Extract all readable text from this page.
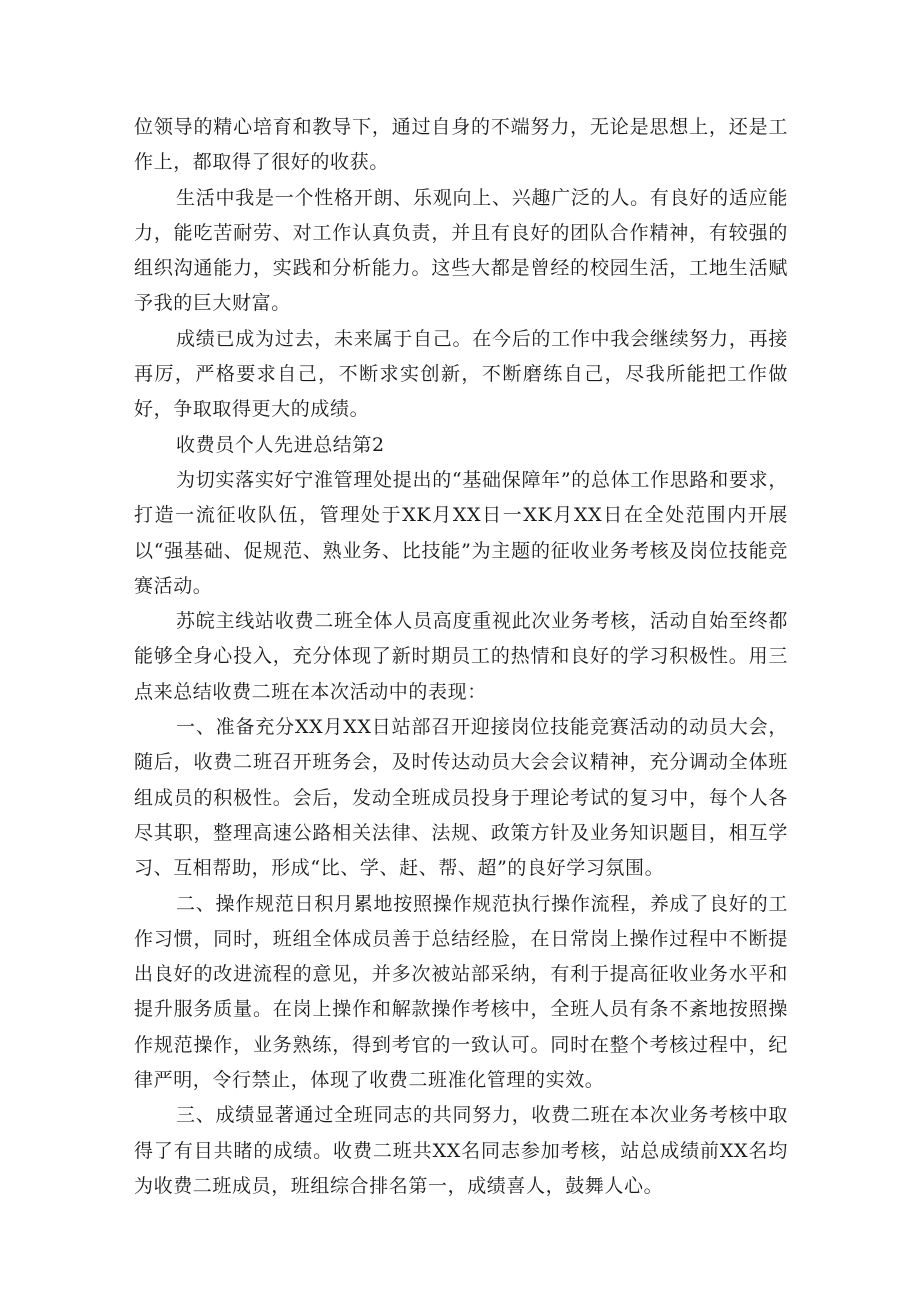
位领导的精心培育和教导下，通过自身的不端努力，无论是思想上，还是工作上，都取得了很好的收获。

生活中我是一个性格开朗、乐观向上、兴趣广泛的人。有良好的适应能力，能吃苦耐劳、对工作认真负责，并且有良好的团队合作精神，有较强的组织沟通能力，实践和分析能力。这些大都是曾经的校园生活，工地生活赋予我的巨大财富。

成绩已成为过去，未来属于自己。在今后的工作中我会继续努力，再接再厉，严格要求自己，不断求实创新，不断磨练自己，尽我所能把工作做好，争取取得更大的成绩。

收费员个人先进总结第2

为切实落实好宁淮管理处提出的“基础保障年”的总体工作思路和要求，打造一流征收队伍，管理处于XK月XX日一XK月XX日在全处范围内开展以“强基础、促规范、熟业务、比技能”为主题的征收业务考核及岗位技能竞赛活动。

苏皖主线站收费二班全体人员高度重视此次业务考核，活动自始至终都能够全身心投入，充分体现了新时期员工的热情和良好的学习积极性。用三点来总结收费二班在本次活动中的表现：

一、准备充分XX月XX日站部召开迎接岗位技能竞赛活动的动员大会，随后，收费二班召开班务会，及时传达动员大会会议精神，充分调动全体班组成员的积极性。会后，发动全班成员投身于理论考试的复习中，每个人各尽其职，整理高速公路相关法律、法规、政策方针及业务知识题目，相互学习、互相帮助，形成“比、学、赶、帮、超”的良好学习氛围。

二、操作规范日积月累地按照操作规范执行操作流程，养成了良好的工作习惯，同时，班组全体成员善于总结经脸，在日常岗上操作过程中不断提出良好的改进流程的意见，并多次被站部采纳，有利于提高征收业务水平和提升服务质量。在岗上操作和解款操作考核中，全班人员有条不紊地按照操作规范操作，业务熟练，得到考官的一致认可。同时在整个考核过程中，纪律严明，令行禁止，体现了收费二班准化管理的实效。

三、成绩显著通过全班同志的共同努力，收费二班在本次业务考核中取得了有目共睹的成绩。收费二班共XX名同志参加考核，站总成绩前XX名均为收费二班成员，班组综合排名第一，成绩喜人，鼓舞人心。
